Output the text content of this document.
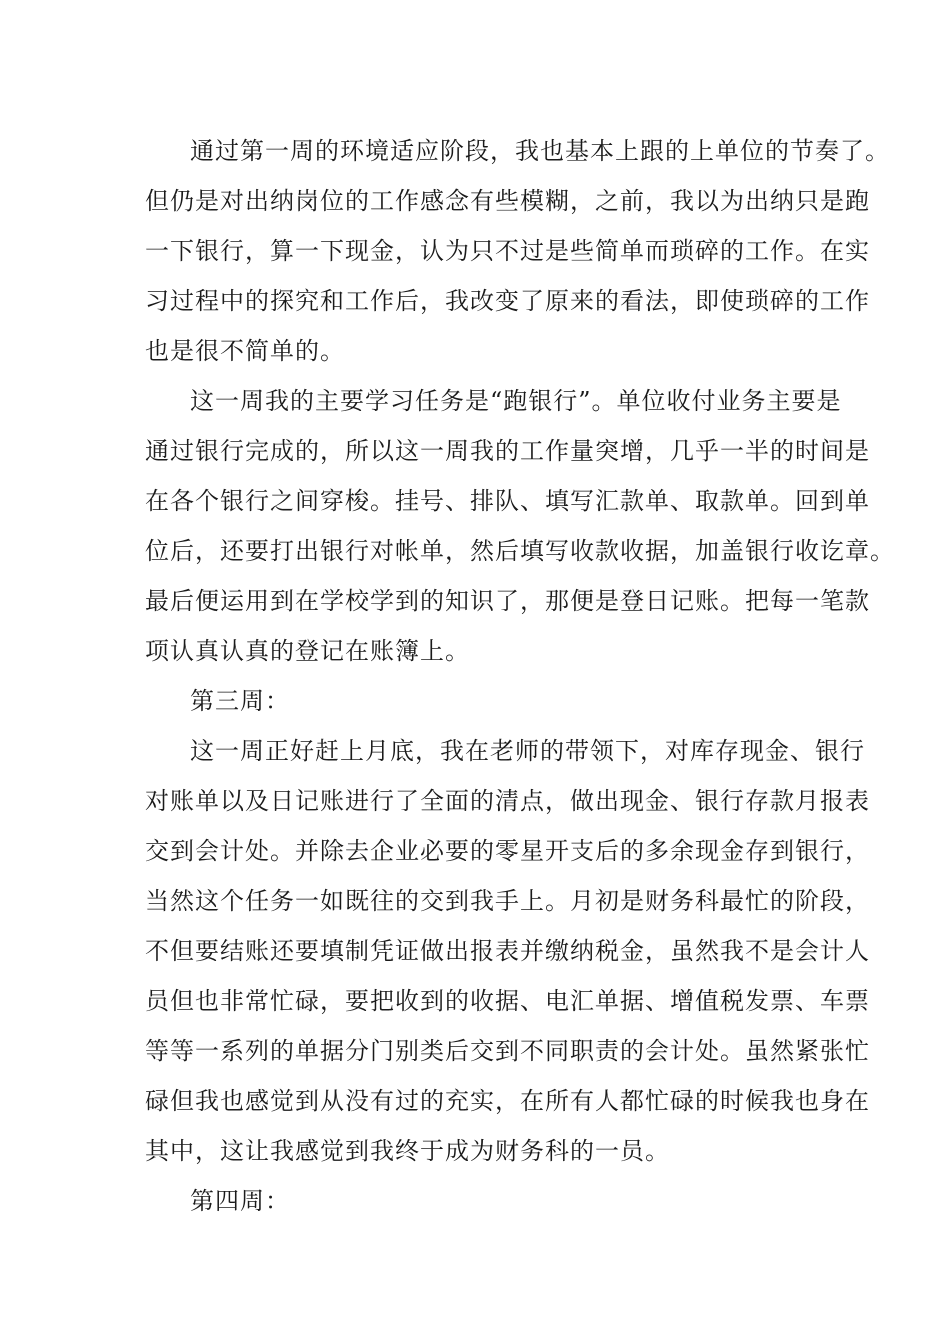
通过第一周的环境适应阶段，我也基本上跟的上单位的节奏了。
但仍是对出纳岗位的工作感念有些模糊，之前，我以为出纳只是跑
一下银行，算一下现金，认为只不过是些简单而琐碎的工作。在实
习过程中的探究和工作后，我改变了原来的看法，即使琐碎的工作
也是很不简单的。
这一周我的主要学习任务是“跑银行”。单位收付业务主要是
通过银行完成的，所以这一周我的工作量突增，几乎一半的时间是
在各个银行之间穿梭。挂号、排队、填写汇款单、取款单。回到单
位后，还要打出银行对帐单，然后填写收款收据，加盖银行收讫章。
最后便运用到在学校学到的知识了，那便是登日记账。把每一笔款
项认真认真的登记在账簿上。
第三周：
这一周正好赶上月底，我在老师的带领下，对库存现金、银行
对账单以及日记账进行了全面的清点，做出现金、银行存款月报表
交到会计处。并除去企业必要的零星开支后的多余现金存到银行，
当然这个任务一如既往的交到我手上。月初是财务科最忙的阶段，
不但要结账还要填制凭证做出报表并缴纳税金，虽然我不是会计人
员但也非常忙碌，要把收到的收据、电汇单据、增值税发票、车票
等等一系列的单据分门别类后交到不同职责的会计处。虽然紧张忙
碌但我也感觉到从没有过的充实，在所有人都忙碌的时候我也身在
其中，这让我感觉到我终于成为财务科的一员。
第四周：
